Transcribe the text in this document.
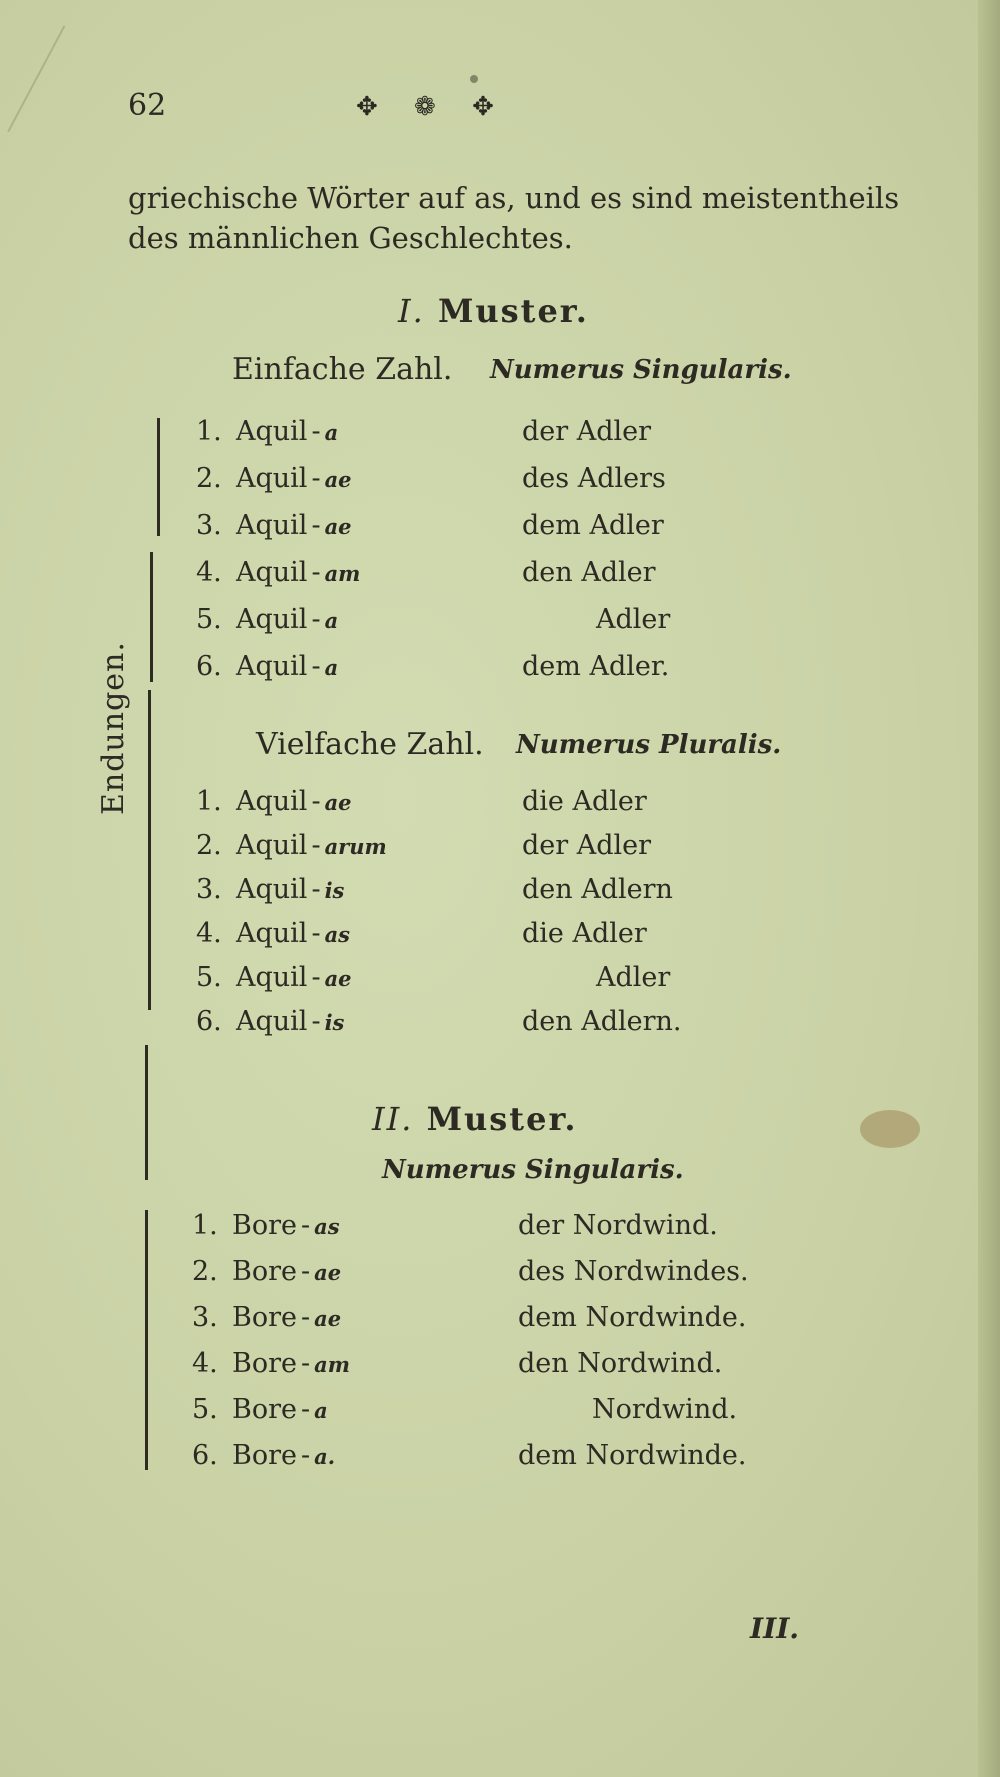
62	✥ ❁ ✥
griechische Wörter auf as, und es sind meistentheils des männlichen Geschlechtes.
I. Muster.
Einfache Zahl. Numerus Singularis.
1. Aquil - a	der Adler
2. Aquil - ae	des Adlers
3. Aquil - ae	dem Adler
4. Aquil - am	den Adler
5. Aquil - a	Adler
6. Aquil - a	dem Adler.
Vielfache Zahl. Numerus Pluralis.
1. Aquil - ae	die Adler
2. Aquil - arum	der Adler
3. Aquil - is	den Adlern
4. Aquil - as	die Adler
5. Aquil - ae	Adler
6. Aquil - is	den Adlern.
II. Muster.
Numerus Singularis.
1. Bore - as	der Nordwind.
2. Bore - ae	des Nordwindes.
3. Bore - ae	dem Nordwinde.
4. Bore - am	den Nordwind.
5. Bore - a	Nordwind.
6. Bore - a.	dem Nordwinde.
Endungen.
III.
